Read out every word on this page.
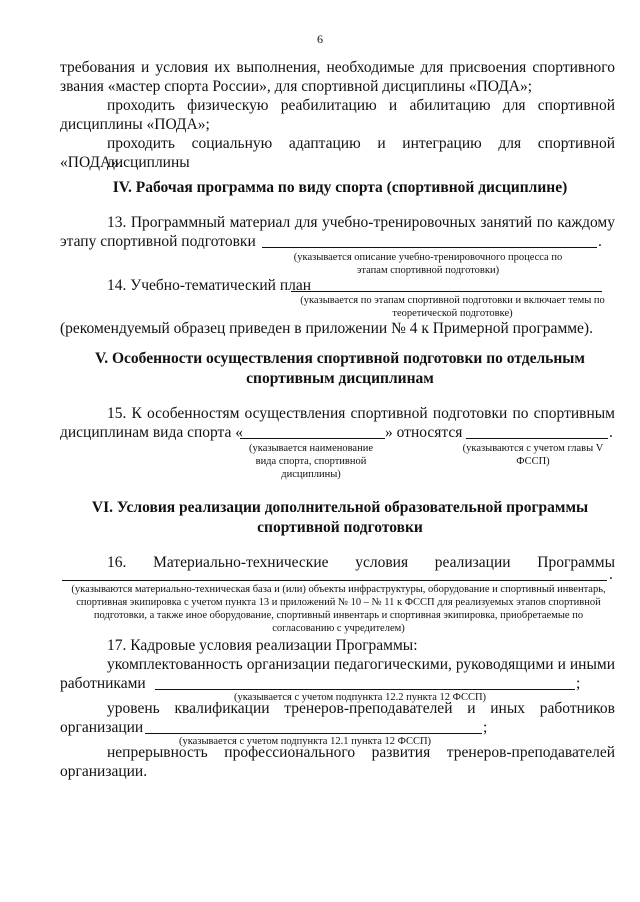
6
требования и условия их выполнения, необходимые для присвоения спортивного
звания «мастер спорта России», для спортивной дисциплины «ПОДА»;
проходить физическую реабилитацию и абилитацию для спортивной
дисциплины «ПОДА»;
проходить социальную адаптацию и интеграцию для спортивной дисциплины
«ПОДА».
IV. Рабочая программа по виду спорта (спортивной дисциплине)
13. Программный материал для учебно-тренировочных занятий по каждому
этапу спортивной подготовки	.
(указывается описание учебно-тренировочного процесса по этапам спортивной подготовки)
14. Учебно-тематический план
(указывается по этапам спортивной подготовки и включает темы по теоретической подготовке)
(рекомендуемый образец приведен в приложении № 4 к Примерной программе).
V. Особенности осуществления спортивной подготовки по отдельным
спортивным дисциплинам
15. К особенностям осуществления спортивной подготовки по спортивным
дисциплинам вида спорта «	» относятся	.
(указывается наименование вида спорта, спортивной дисциплины)
(указываются с учетом главы V ФССП)
VI. Условия реализации дополнительной образовательной программы
спортивной подготовки
16.  Материально-технические  условия  реализации  Программы
.
(указываются материально-техническая база и (или) объекты инфраструктуры, оборудование и спортивный инвентарь, спортивная экипировка с учетом пункта 13 и приложений № 10 – № 11 к ФССП для реализуемых этапов спортивной подготовки, а также иное оборудование, спортивный инвентарь и спортивная экипировка, приобретаемые по согласованию с учредителем)
17. Кадровые условия реализации Программы:
укомплектованность организации педагогическими, руководящими и иными
работниками	;
(указывается с учетом подпункта 12.2 пункта 12 ФССП)
уровень квалификации тренеров-преподавателей и иных работников
организации	;
(указывается с учетом подпункта 12.1 пункта 12 ФССП)
непрерывность профессионального развития тренеров-преподавателей
организации.
